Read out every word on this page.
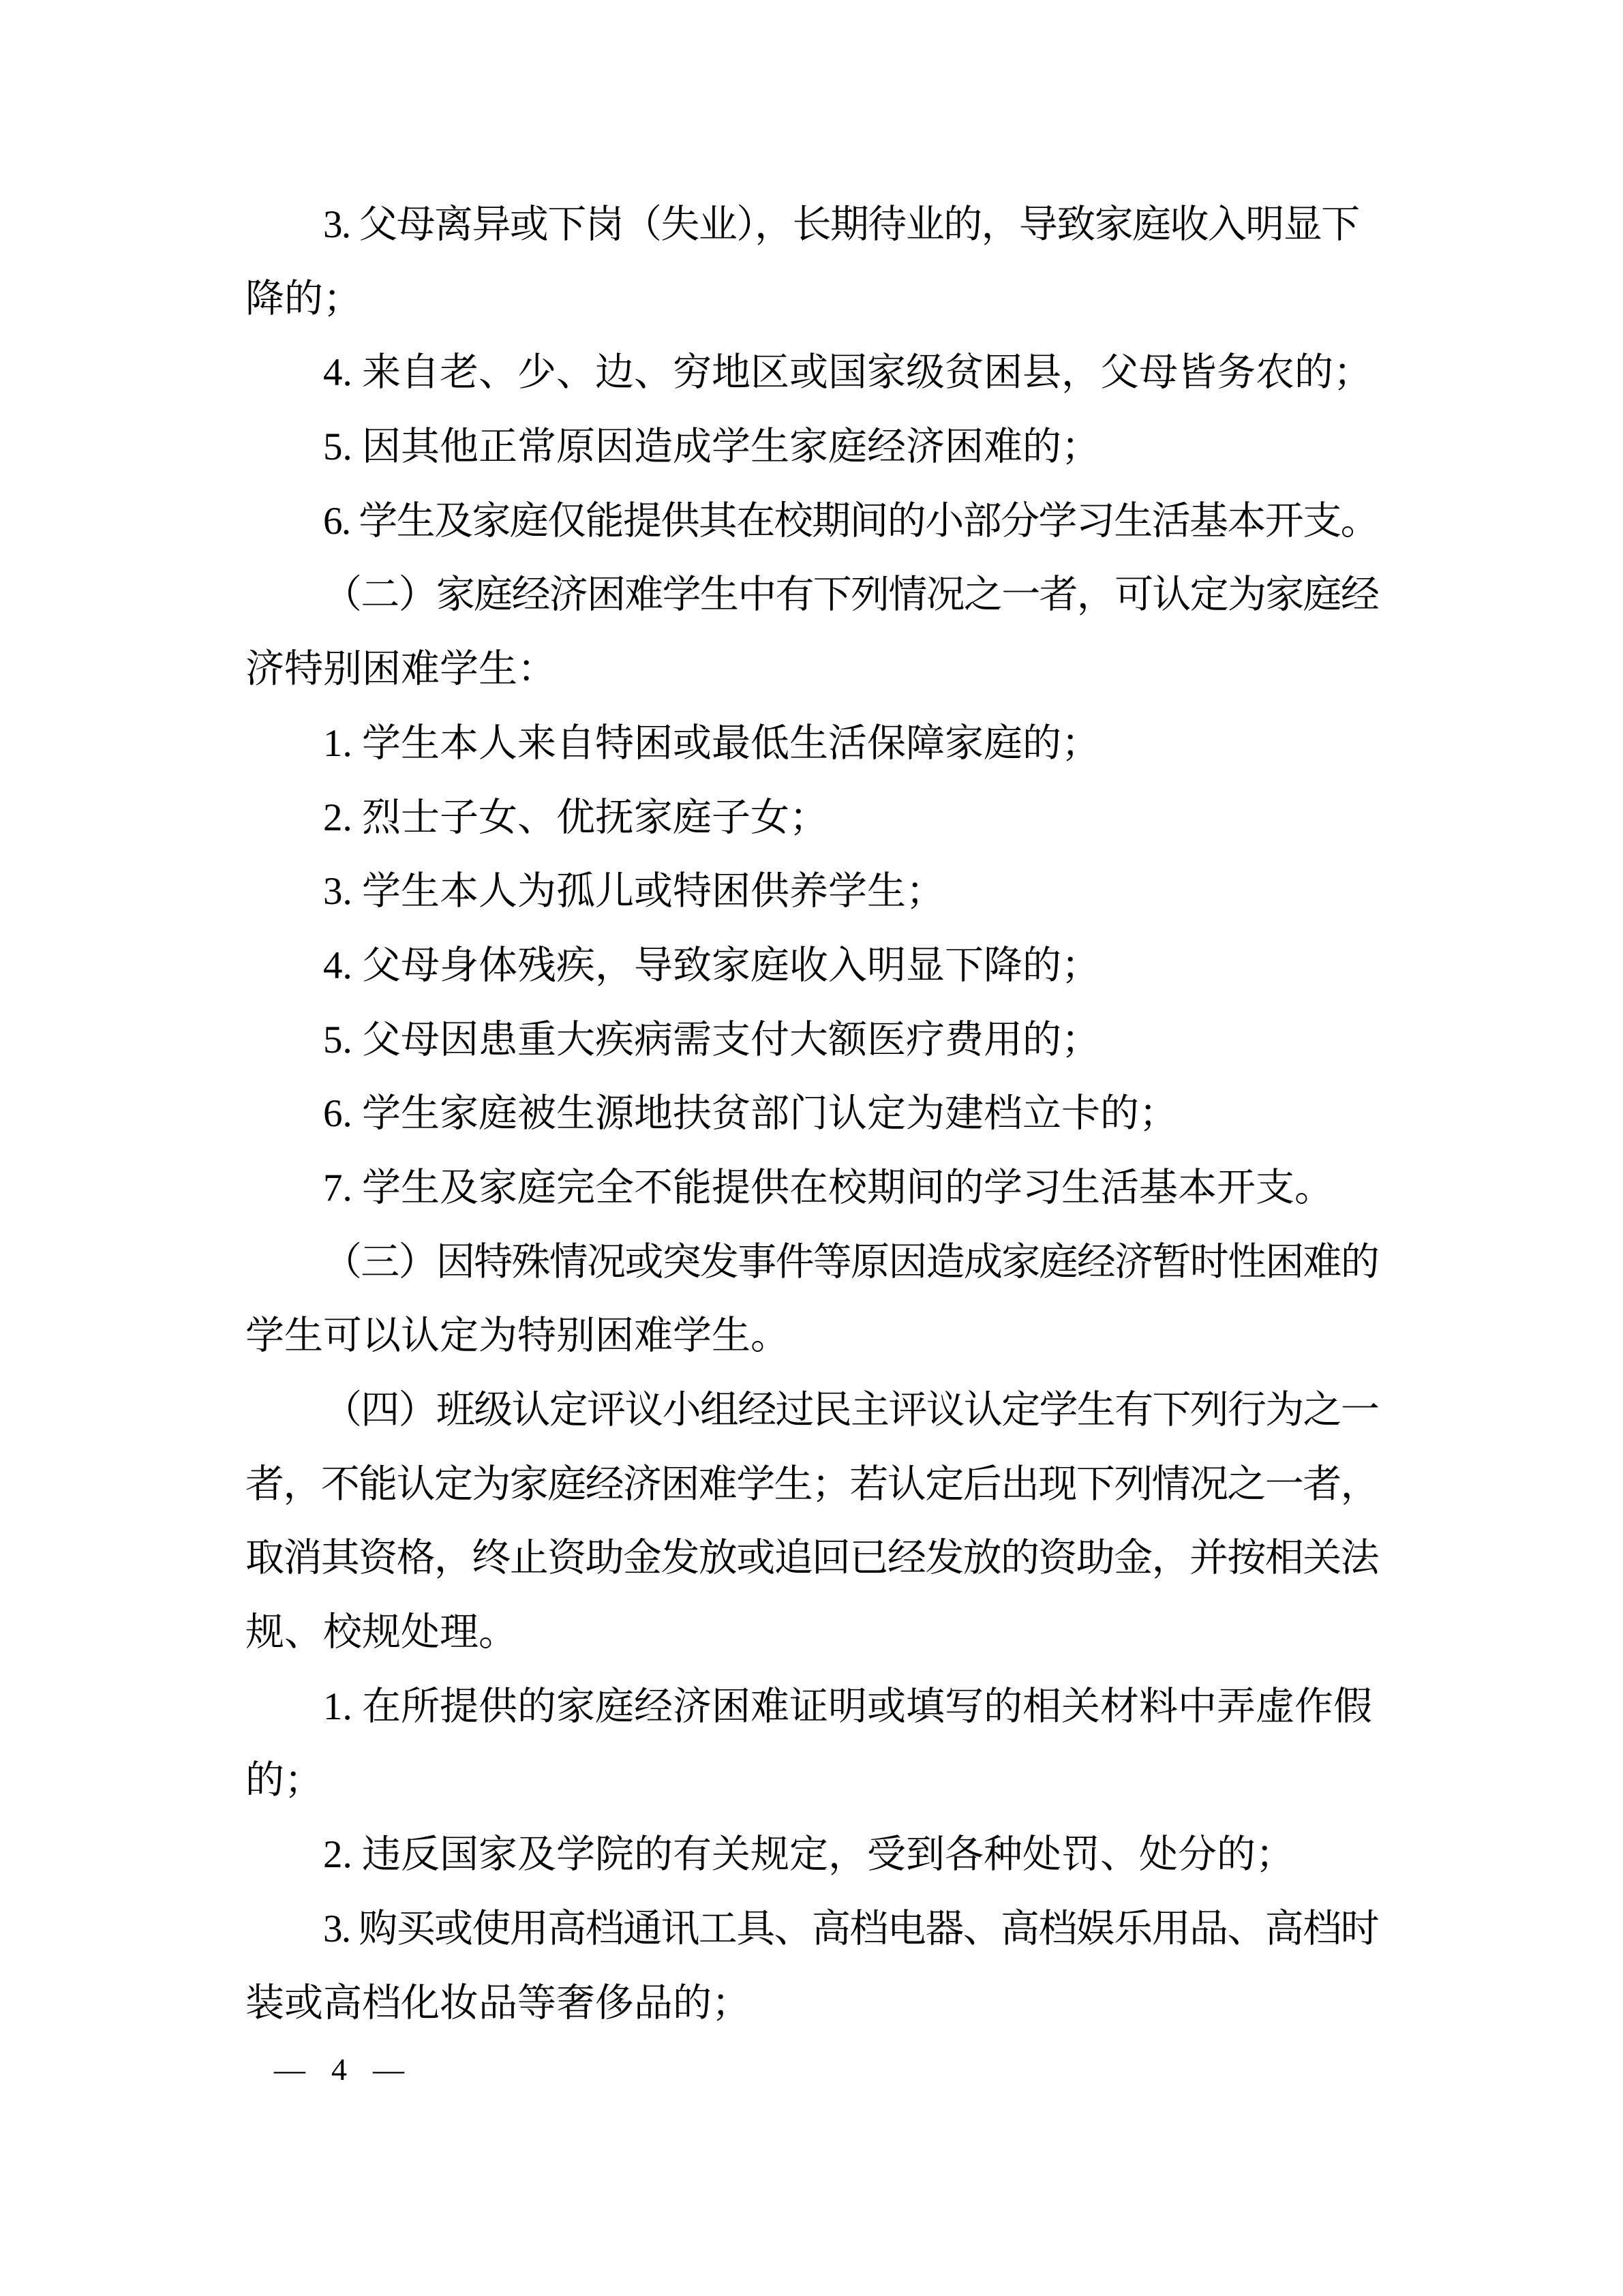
3. 父母离异或下岗（失业），长期待业的，导致家庭收入明显下
降的；
4. 来自老、少、边、穷地区或国家级贫困县，父母皆务农的；
5. 因其他正常原因造成学生家庭经济困难的；
6. 学生及家庭仅能提供其在校期间的小部分学习生活基本开支。
（二）家庭经济困难学生中有下列情况之一者，可认定为家庭经
济特别困难学生：
1. 学生本人来自特困或最低生活保障家庭的；
2. 烈士子女、优抚家庭子女；
3. 学生本人为孤儿或特困供养学生；
4. 父母身体残疾，导致家庭收入明显下降的；
5. 父母因患重大疾病需支付大额医疗费用的；
6. 学生家庭被生源地扶贫部门认定为建档立卡的；
7. 学生及家庭完全不能提供在校期间的学习生活基本开支。
（三）因特殊情况或突发事件等原因造成家庭经济暂时性困难的
学生可以认定为特别困难学生。
（四）班级认定评议小组经过民主评议认定学生有下列行为之一
者，不能认定为家庭经济困难学生；若认定后出现下列情况之一者，
取消其资格，终止资助金发放或追回已经发放的资助金，并按相关法
规、校规处理。
1. 在所提供的家庭经济困难证明或填写的相关材料中弄虚作假
的；
2. 违反国家及学院的有关规定，受到各种处罚、处分的；
3. 购买或使用高档通讯工具、高档电器、高档娱乐用品、高档时
装或高档化妆品等奢侈品的；
— 4 —
